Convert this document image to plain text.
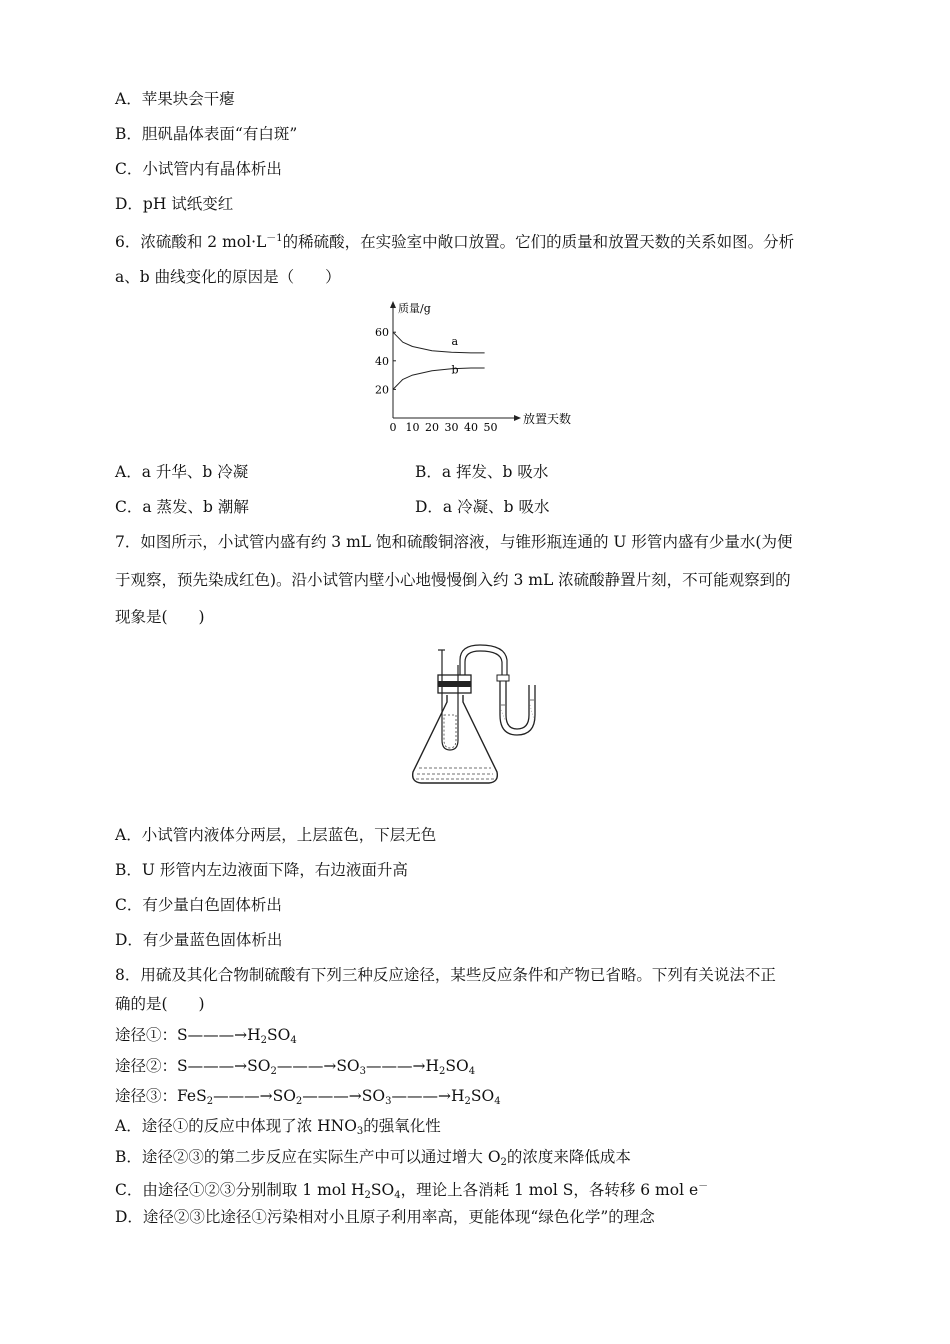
A．苹果块会干瘪
B．胆矾晶体表面“有白斑”
C．小试管内有晶体析出
D．pH 试纸变红
6．浓硫酸和 2 $mol\cdot L^{-1}$的稀硫酸，在实验室中敞口放置。它们的质量和放置天数的关系如图。分析
a、b 曲线变化的原因是（　　）
质量/g
放置天数
20
40
60
0 10 20 30 40 50
a
b
A．a 升华、b 冷凝	B．a 挥发、b 吸水
C．a 蒸发、b 潮解	D．a 冷凝、b 吸水
7．如图所示，小试管内盛有约 3 mL 饱和硫酸铜溶液，与锥形瓶连通的 U 形管内盛有少量水(为便
于观察，预先染成红色)。沿小试管内壁小心地慢慢倒入约 3 mL 浓硫酸静置片刻，不可能观察到的
现象是(　　)
A．小试管内液体分两层，上层蓝色，下层无色
B．U 形管内左边液面下降，右边液面升高
C．有少量白色固体析出
D．有少量蓝色固体析出
8．用硫及其化合物制硫酸有下列三种反应途径，某些反应条件和产物已省略。下列有关说法不正
确的是(　　)
途径①：$S———\to H_2SO_4$
途径②：$S———\to SO_2———\to SO_3———\to H_2SO_4$
途径③：$FeS_2———\to SO_2———\to SO_3———\to H_2SO_4$
A．途径①的反应中体现了浓 $HNO_3$的强氧化性
B．途径②③的第二步反应在实际生产中可以通过增大 $O_2$的浓度来降低成本
C．由途径①②③分别制取 1 mol $H_2SO_4$，理论上各消耗 1 mol S，各转移 6 mol e－
D．途径②③比途径①污染相对小且原子利用率高，更能体现“绿色化学”的理念
